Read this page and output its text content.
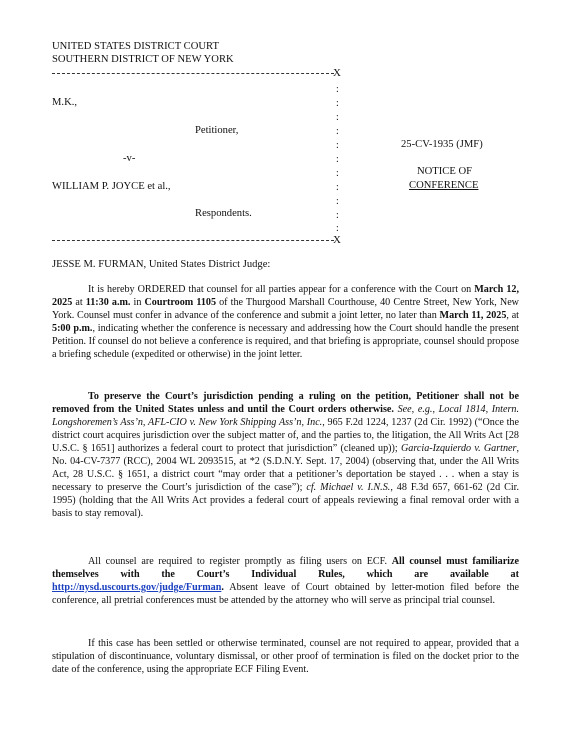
UNITED STATES DISTRICT COURT
SOUTHERN DISTRICT OF NEW YORK
X
:
:
:
:
:
:
:
:
:
:
:
M.K.,
Petitioner,
-v-
WILLIAM P. JOYCE et al.,
Respondents.
25-CV-1935 (JMF)
NOTICE OF
CONFERENCE
X
JESSE M. FURMAN, United States District Judge:
It is hereby ORDERED that counsel for all parties appear for a conference with the Court on March 12, 2025 at 11:30 a.m. in Courtroom 1105 of the Thurgood Marshall Courthouse, 40 Centre Street, New York, New York. Counsel must confer in advance of the conference and submit a joint letter, no later than March 11, 2025, at 5:00 p.m., indicating whether the conference is necessary and addressing how the Court should handle the present Petition. If counsel do not believe a conference is required, and that briefing is appropriate, counsel should propose a briefing schedule (expedited or otherwise) in the joint letter.
To preserve the Court’s jurisdiction pending a ruling on the petition, Petitioner shall not be removed from the United States unless and until the Court orders otherwise. See, e.g., Local 1814, Intern. Longshoremen’s Ass’n, AFL-CIO v. New York Shipping Ass’n, Inc., 965 F.2d 1224, 1237 (2d Cir. 1992) (“Once the district court acquires jurisdiction over the subject matter of, and the parties to, the litigation, the All Writs Act [28 U.S.C. § 1651] authorizes a federal court to protect that jurisdiction” (cleaned up)); Garcia-Izquierdo v. Gartner, No. 04-CV-7377 (RCC), 2004 WL 2093515, at *2 (S.D.N.Y. Sept. 17, 2004) (observing that, under the All Writs Act, 28 U.S.C. § 1651, a district court “may order that a petitioner’s deportation be stayed . . . when a stay is necessary to preserve the Court’s jurisdiction of the case”); cf. Michael v. I.N.S., 48 F.3d 657, 661-62 (2d Cir. 1995) (holding that the All Writs Act provides a federal court of appeals reviewing a final removal order with a basis to stay removal).
All counsel are required to register promptly as filing users on ECF. All counsel must familiarize themselves with the Court’s Individual Rules, which are available at http://nysd.uscourts.gov/judge/Furman. Absent leave of Court obtained by letter-motion filed before the conference, all pretrial conferences must be attended by the attorney who will serve as principal trial counsel.
If this case has been settled or otherwise terminated, counsel are not required to appear, provided that a stipulation of discontinuance, voluntary dismissal, or other proof of termination is filed on the docket prior to the date of the conference, using the appropriate ECF Filing Event.
